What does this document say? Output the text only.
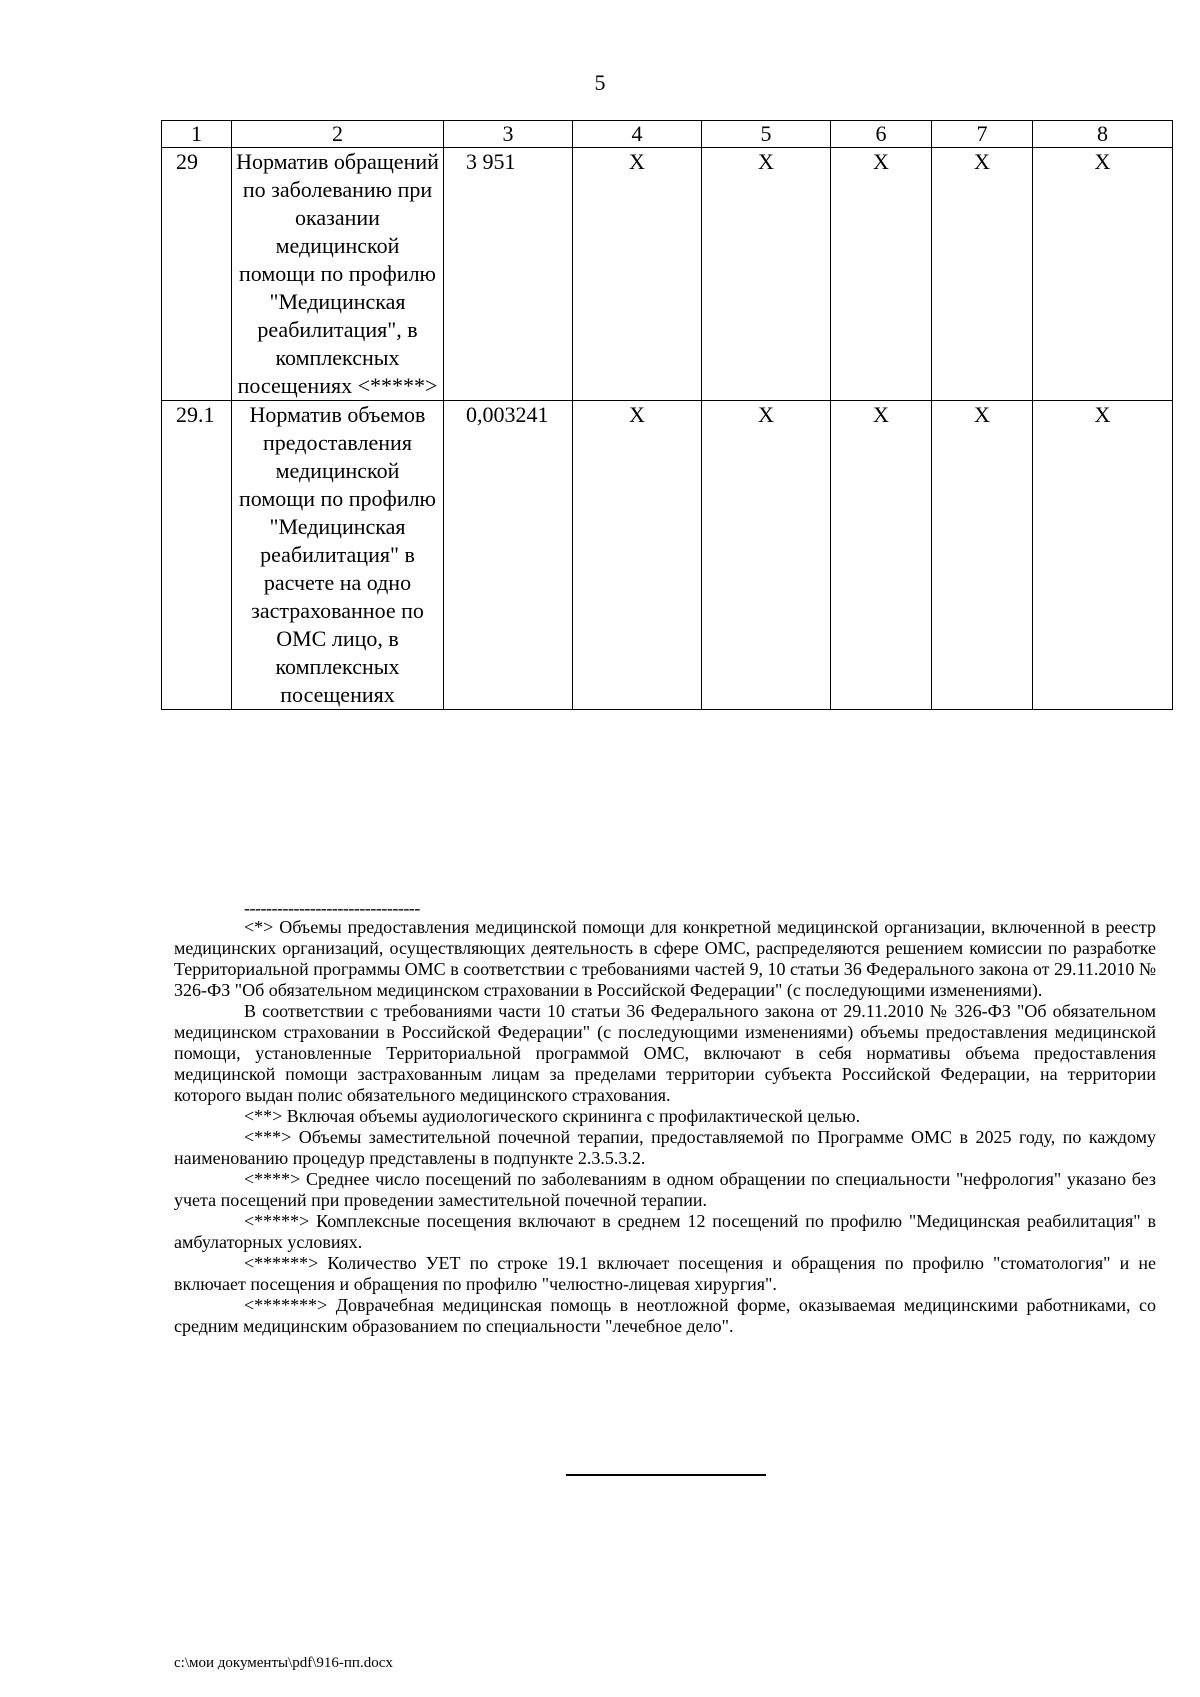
5
1	2	3	4	5	6	7	8
29	Норматив обращений по заболеванию при оказании медицинской помощи по профилю "Медицинская реабилитация", в комплексных посещениях <*****>	3 951	X	X	X	X	X
29.1	Норматив объемов предоставления медицинской помощи по профилю "Медицинская реабилитация" в расчете на одно застрахованное по ОМС лицо, в комплексных посещениях	0,003241	X	X	X	X	X
--------------------------------

<*> Объемы предоставления медицинской помощи для конкретной медицинской организации, включенной в реестр медицинских организаций, осуществляющих деятельность в сфере ОМС, распределяются решением комиссии по разработке Территориальной программы ОМС в соответствии с требованиями частей 9, 10 статьи 36 Федерального закона от 29.11.2010 № 326-ФЗ "Об обязательном медицинском страховании в Российской Федерации" (с последующими изменениями).

В соответствии с требованиями части 10 статьи 36 Федерального закона от 29.11.2010 № 326-ФЗ "Об обязательном медицинском страховании в Российской Федерации" (с последующими изменениями) объемы предоставления медицинской помощи, установленные Территориальной программой ОМС, включают в себя нормативы объема предоставления медицинской помощи застрахованным лицам за пределами территории субъекта Российской Федерации, на территории которого выдан полис обязательного медицинского страхования.

<**> Включая объемы аудиологического скрининга с профилактической целью.

<***> Объемы заместительной почечной терапии, предоставляемой по Программе ОМС в 2025 году, по каждому наименованию процедур представлены в подпункте 2.3.5.3.2.

<****> Среднее число посещений по заболеваниям в одном обращении по специальности "нефрология" указано без учета посещений при проведении заместительной почечной терапии.

<*****> Комплексные посещения включают в среднем 12 посещений по профилю "Медицинская реабилитация" в амбулаторных условиях.

<******> Количество УЕТ по строке 19.1 включает посещения и обращения по профилю "стоматология" и не включает посещения и обращения по профилю "челюстно-лицевая хирургия".

<*******> Доврачебная медицинская помощь в неотложной форме, оказываемая медицинскими работниками, со средним медицинским образованием по специальности "лечебное дело".

c:\мои документы\pdf\916-пп.docx
